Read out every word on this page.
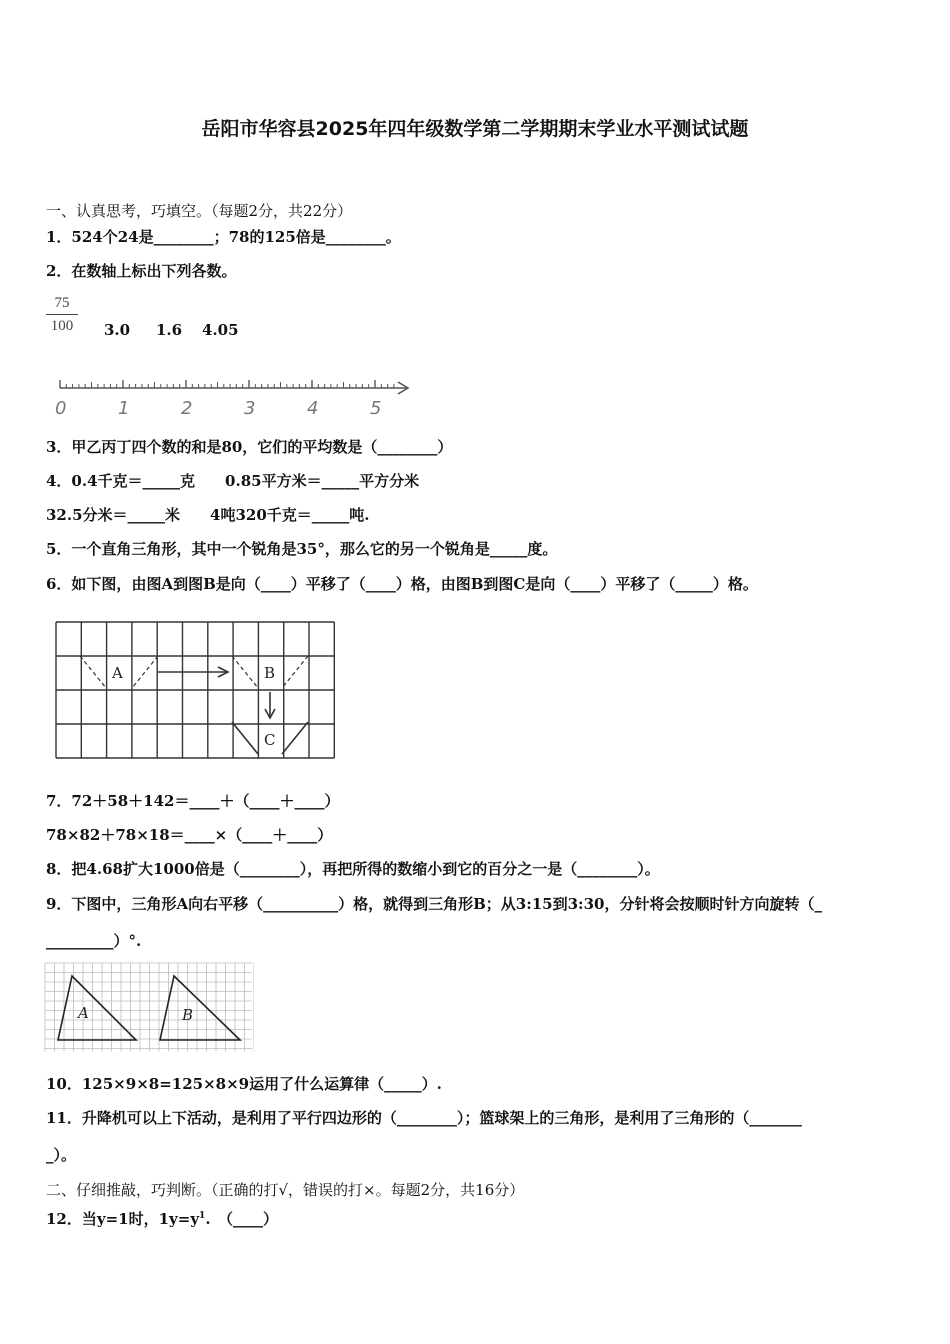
岳阳市华容县2025年四年级数学第二学期期末学业水平测试试题
一、认真思考，巧填空。（每题2分，共22分）
1．524个24是________；78的125倍是________。
2．在数轴上标出下列各数。
$\frac{75}{100} 3.0$ 1.6 4.05
0	1	2	3	4	5
3．甲乙丙丁四个数的和是80，它们的平均数是（________）
4．0.4千克＝_____克　　0.85平方米＝_____平方分米
32.5分米＝_____米　　4吨320千克＝_____吨.
5．一个直角三角形，其中一个锐角是35°，那么它的另一个锐角是_____度。
6．如下图，由图A到图B是向（____）平移了（____）格，由图B到图C是向（____）平移了（_____）格。
A	B
C
7．72＋58＋142＝____＋（____＋____）
78×82＋78×18＝____×（____＋____）
8．把4.68扩大1000倍是（________），再把所得的数缩小到它的百分之一是（________）。
9．下图中，三角形A向右平移（__________）格，就得到三角形B；从3:15到3:30，分针将会按顺时针方向旋转（_
_________）°.
A	B
10．125×9×8=125×8×9运用了什么运算律（_____）.
11．升降机可以上下活动，是利用了平行四边形的（________）；篮球架上的三角形，是利用了三角形的（_______
_）。
二、仔细推敲，巧判断。（正确的打√，错误的打×。每题2分，共16分）
12．当y=1时，$1y=y^1$.　（____）
